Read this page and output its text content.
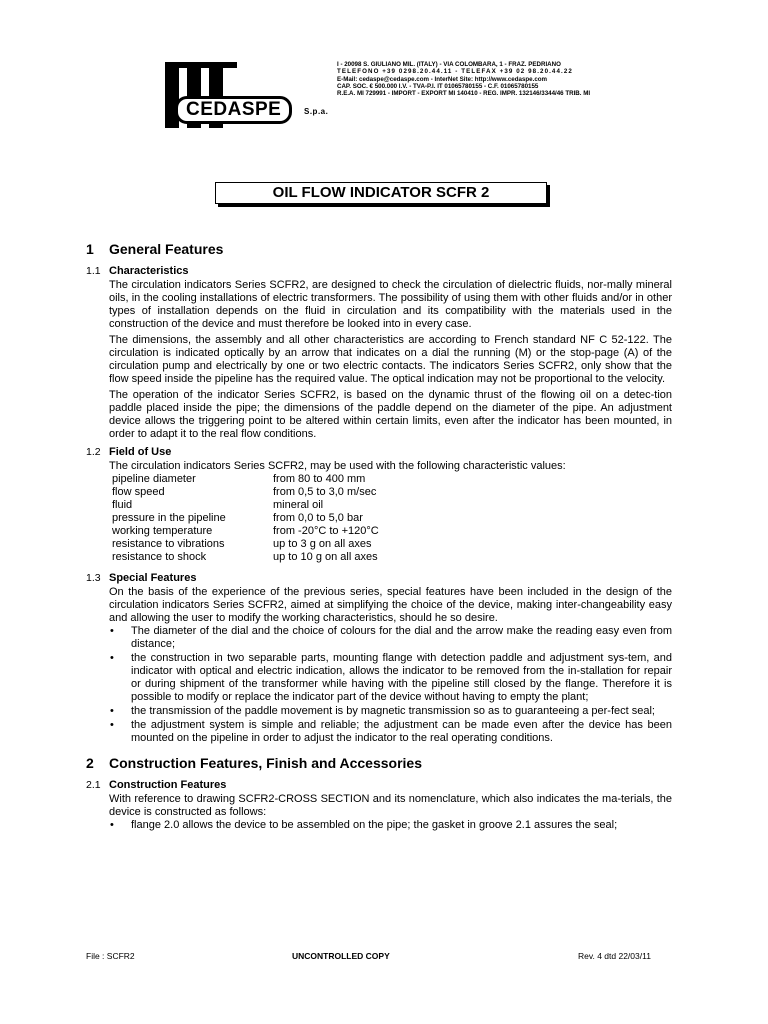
CEDASPE	S.p.a.
I - 20098 S. GIULIANO MIL. (ITALY) - VIA COLOMBARA, 1 - FRAZ. PEDRIANO
TELEFONO +39 0298.20.44.11 - TELEFAX +39 02 98.20.44.22
E-Mail: cedaspe@cedaspe.com - InterNet Site: http://www.cedaspe.com
CAP. SOC. € 500.000 I.V. - TVA-P.I. IT 01065780155 - C.F. 01065780155
R.E.A. MI 729991 - IMPORT - EXPORT MI 140410 - REG. IMPR. 132146/3344/46 TRIB. MI
OIL FLOW INDICATOR SCFR 2
1 General Features
1.1 Characteristics

The circulation indicators Series SCFR2, are designed to check the circulation of dielectric fluids, nor-mally mineral oils, in the cooling installations of electric transformers. The possibility of using them with other fluids and/or in other types of installation depends on the fluid in circulation and its compatibility with the materials used in the construction of the device and must therefore be looked into in every case.

The dimensions, the assembly and all other characteristics are according to French standard NF C 52-122. The circulation is indicated optically by an arrow that indicates on a dial the running (M) or the stop-page (A) of the circulation pump and electrically by one or two electric contacts. The indicators Series SCFR2, only show that the flow speed inside the pipeline has the required value. The optical indication may not be proportional to the velocity.

The operation of the indicator Series SCFR2, is based on the dynamic thrust of the flowing oil on a detec-tion paddle placed inside the pipe; the dimensions of the paddle depend on the diameter of the pipe. An adjustment device allows the triggering point to be altered within certain limits, even after the indicator has been mounted, in order to adapt it to the real flow conditions.

1.2 Field of Use

The circulation indicators Series SCFR2, may be used with the following characteristic values:

pipeline diameter	from 80 to 400 mm
flow speed	from 0,5 to 3,0 m/sec
fluid	mineral oil
pressure in the pipeline	from 0,0 to 5,0 bar
working temperature	from -20°C to +120°C
resistance to vibrations	up to 3 g on all axes
resistance to shock	up to 10 g on all axes
1.3 Special Features

On the basis of the experience of the previous series, special features have been included in the design of the circulation indicators Series SCFR2, aimed at simplifying the choice of the device, making inter-changeability easy and allowing the user to modify the working characteristics, should he so desire.

• The diameter of the dial and the choice of colours for the dial and the arrow make the reading easy even from distance;
• the construction in two separable parts, mounting flange with detection paddle and adjustment sys-tem, and indicator with optical and electric indication, allows the indicator to be removed from the in-stallation for repair or during shipment of the transformer while having with the pipeline still closed by the flange. Therefore it is possible to modify or replace the indicator part of the device without having to empty the plant;
• the transmission of the paddle movement is by magnetic transmission so as to guaranteeing a per-fect seal;
• the adjustment system is simple and reliable; the adjustment can be made even after the device has been mounted on the pipeline in order to adjust the indicator to the real operating conditions.
2 Construction Features, Finish and Accessories
2.1 Construction Features

With reference to drawing SCFR2-CROSS SECTION and its nomenclature, which also indicates the ma-terials, the device is constructed as follows:

• flange 2.0 allows the device to be assembled on the pipe; the gasket in groove 2.1 assures the seal;
File : SCFR2	UNCONTROLLED COPY	Rev. 4 dtd 22/03/11
